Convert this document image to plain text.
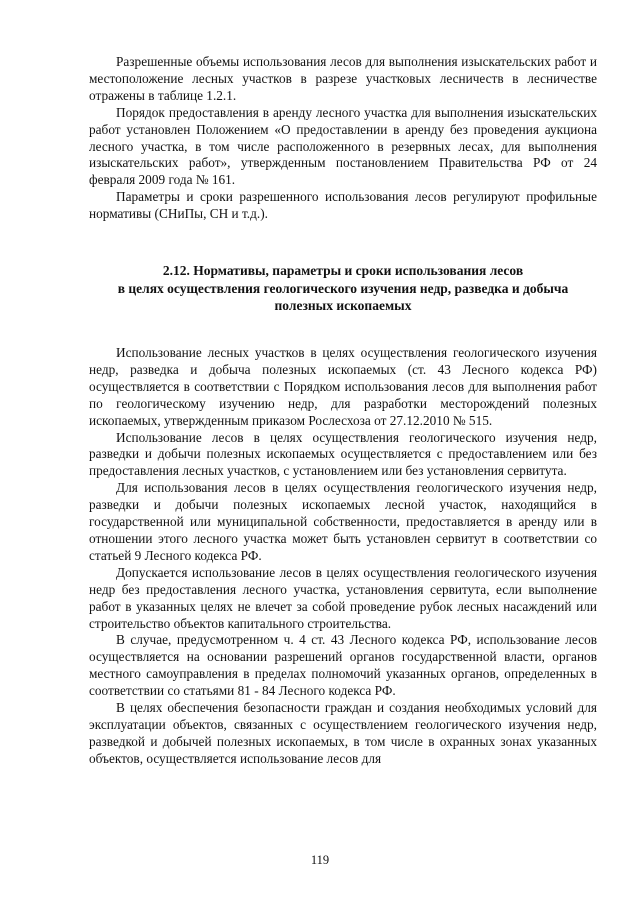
Разрешенные объемы использования лесов для выполнения изыскательских работ и местоположение лесных участков в разрезе участковых лесничеств в лесничестве отражены в таблице 1.2.1.

Порядок предоставления в аренду лесного участка для выполнения изыскательских работ установлен Положением «О предоставлении в аренду без проведения аукциона лесного участка, в том числе расположенного в резервных лесах, для выполнения изыскательских работ», утвержденным постановлением Правительства РФ от 24 февраля 2009 года № 161.

Параметры и сроки разрешенного использования лесов регулируют профильные нормативы (СНиПы, СН и т.д.).

2.12. Нормативы, параметры и сроки использования лесов
в целях осуществления геологического изучения недр, разведка и добыча
полезных ископаемых

Использование лесных участков в целях осуществления геологического изучения недр, разведка и добыча полезных ископаемых (ст. 43 Лесного кодекса РФ) осуществляется в соответствии с Порядком использования лесов для выполнения работ по геологическому изучению недр, для разработки месторождений полезных ископаемых, утвержденным приказом Рослесхоза от 27.12.2010 № 515.

Использование лесов в целях осуществления геологического изучения недр, разведки и добычи полезных ископаемых осуществляется с предоставлением или без предоставления лесных участков, с установлением или без установления сервитута.

Для использования лесов в целях осуществления геологического изучения недр, разведки и добычи полезных ископаемых лесной участок, находящийся в государственной или муниципальной собственности, предоставляется в аренду или в отношении этого лесного участка может быть установлен сервитут в соответствии со статьей 9 Лесного кодекса РФ.

Допускается использование лесов в целях осуществления геологического изучения недр без предоставления лесного участка, установления сервитута, если выполнение работ в указанных целях не влечет за собой проведение рубок лесных насаждений или строительство объектов капитального строительства.

В случае, предусмотренном ч. 4 ст. 43 Лесного кодекса РФ, использование лесов осуществляется на основании разрешений органов государственной власти, органов местного самоуправления в пределах полномочий указанных органов, определенных в соответствии со статьями 81 - 84 Лесного кодекса РФ.

В целях обеспечения безопасности граждан и создания необходимых условий для эксплуатации объектов, связанных с осуществлением геологического изучения недр, разведкой и добычей полезных ископаемых, в том числе в охранных зонах указанных объектов, осуществляется использование лесов для

119
